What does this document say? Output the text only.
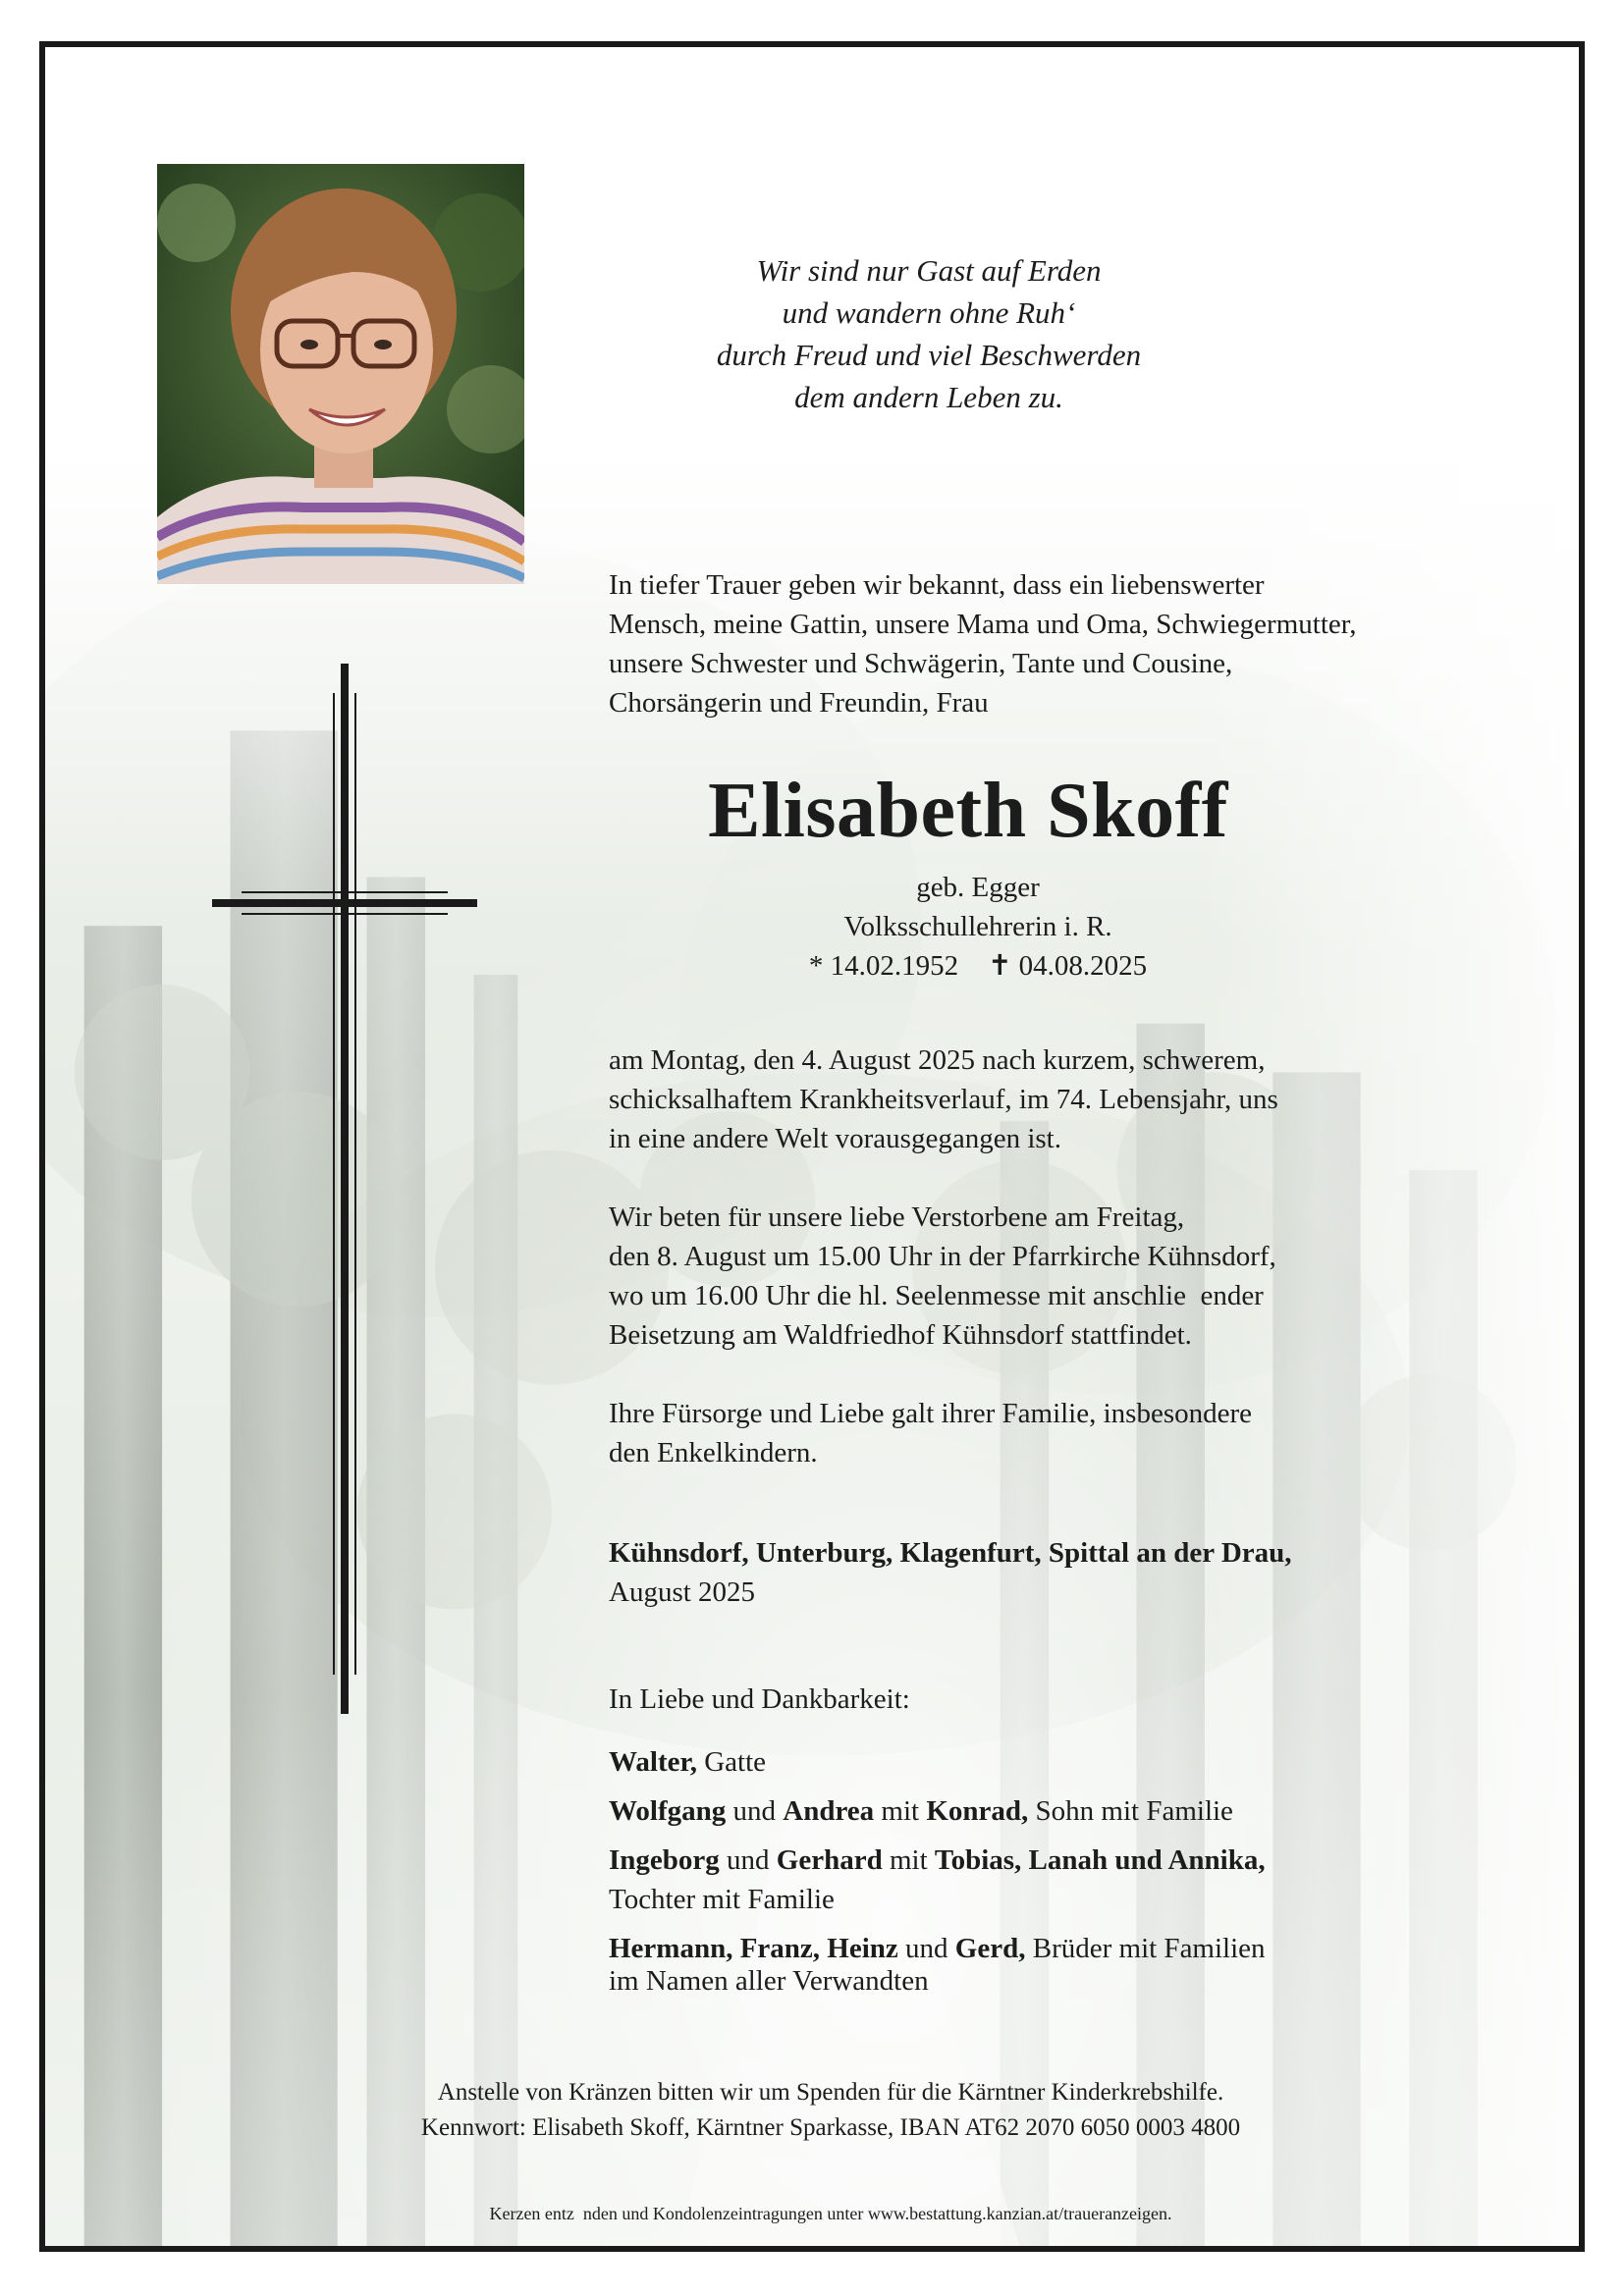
Wir sind nur Gast auf Erden
und wandern ohne Ruh‘
durch Freud und viel Beschwerden
dem andern Leben zu.
In tiefer Trauer geben wir bekannt, dass ein liebenswerter
Mensch, meine Gattin, unsere Mama und Oma, Schwiegermutter,
unsere Schwester und Schwägerin, Tante und Cousine,
Chorsängerin und Freundin, Frau
Elisabeth Skoff
geb. Egger
Volksschullehrerin i. R.
* 14.02.1952 ✝ 04.08.2025
am Montag, den 4. August 2025 nach kurzem, schwerem,
schicksalhaftem Krankheitsverlauf, im 74. Lebensjahr, uns
in eine andere Welt vorausgegangen ist.
Wir beten für unsere liebe Verstorbene am Freitag,
den 8. August um 15.00 Uhr in der Pfarrkirche Kühnsdorf,
wo um 16.00 Uhr die hl. Seelenmesse mit anschlie  ender
Beisetzung am Waldfriedhof Kühnsdorf stattfindet.
Ihre Fürsorge und Liebe galt ihrer Familie, insbesondere
den Enkelkindern.
Kühnsdorf, Unterburg, Klagenfurt, Spittal an der Drau,
August 2025
In Liebe und Dankbarkeit:
Walter, Gatte
Wolfgang und Andrea mit Konrad, Sohn mit Familie
Ingeborg und Gerhard mit Tobias, Lanah und Annika,
Tochter mit Familie
Hermann, Franz, Heinz und Gerd, Brüder mit Familien
im Namen aller Verwandten
Anstelle von Kränzen bitten wir um Spenden für die Kärntner Kinderkrebshilfe.
Kennwort: Elisabeth Skoff, Kärntner Sparkasse, IBAN AT62 2070 6050 0003 4800
Kerzen entz  nden und Kondolenzeintragungen unter www.bestattung.kanzian.at/traueranzeigen.
